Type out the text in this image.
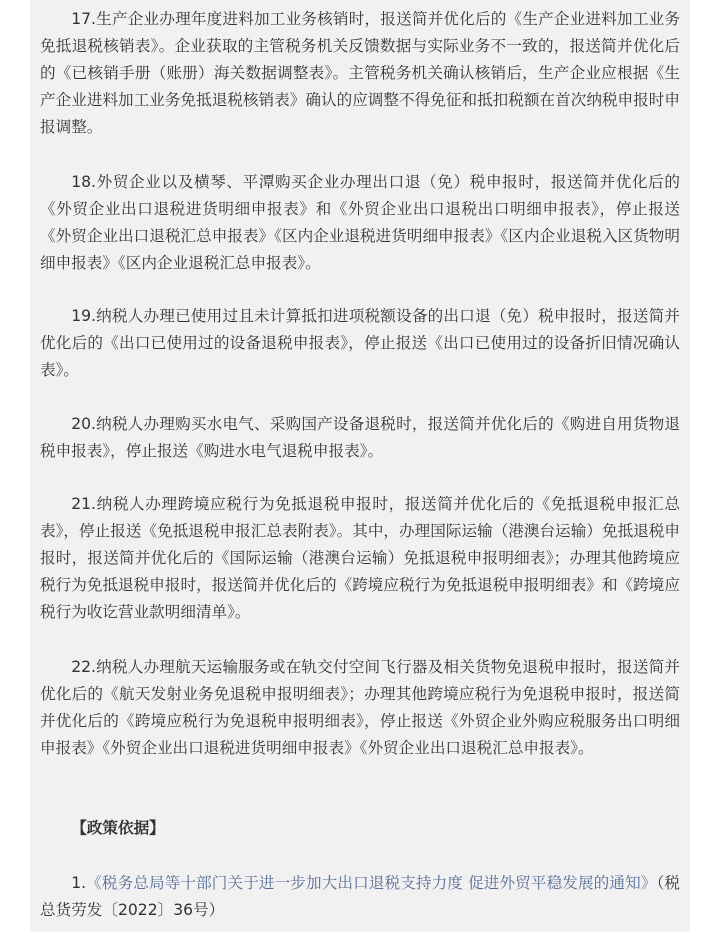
17.生产企业办理年度进料加工业务核销时，报送简并优化后的《生产企业进料加工业务免抵退税核销表》。企业获取的主管税务机关反馈数据与实际业务不一致的，报送简并优化后的《已核销手册（账册）海关数据调整表》。主管税务机关确认核销后，生产企业应根据《生产企业进料加工业务免抵退税核销表》确认的应调整不得免征和抵扣税额在首次纳税申报时申报调整。

18.外贸企业以及横琴、平潭购买企业办理出口退（免）税申报时，报送简并优化后的《外贸企业出口退税进货明细申报表》和《外贸企业出口退税出口明细申报表》，停止报送《外贸企业出口退税汇总申报表》《区内企业退税进货明细申报表》《区内企业退税入区货物明细申报表》《区内企业退税汇总申报表》。

19.纳税人办理已使用过且未计算抵扣进项税额设备的出口退（免）税申报时，报送简并优化后的《出口已使用过的设备退税申报表》，停止报送《出口已使用过的设备折旧情况确认表》。

20.纳税人办理购买水电气、采购国产设备退税时，报送简并优化后的《购进自用货物退税申报表》，停止报送《购进水电气退税申报表》。

21.纳税人办理跨境应税行为免抵退税申报时，报送简并优化后的《免抵退税申报汇总表》，停止报送《免抵退税申报汇总表附表》。其中，办理国际运输（港澳台运输）免抵退税申报时，报送简并优化后的《国际运输（港澳台运输）免抵退税申报明细表》；办理其他跨境应税行为免抵退税申报时，报送简并优化后的《跨境应税行为免抵退税申报明细表》和《跨境应税行为收讫营业款明细清单》。

22.纳税人办理航天运输服务或在轨交付空间飞行器及相关货物免退税申报时，报送简并优化后的《航天发射业务免退税申报明细表》；办理其他跨境应税行为免退税申报时，报送简并优化后的《跨境应税行为免退税申报明细表》，停止报送《外贸企业外购应税服务出口明细申报表》《外贸企业出口退税进货明细申报表》《外贸企业出口退税汇总申报表》。

【政策依据】

1.《税务总局等十部门关于进一步加大出口退税支持力度 促进外贸平稳发展的通知》（税总货劳发〔2022〕36号）
